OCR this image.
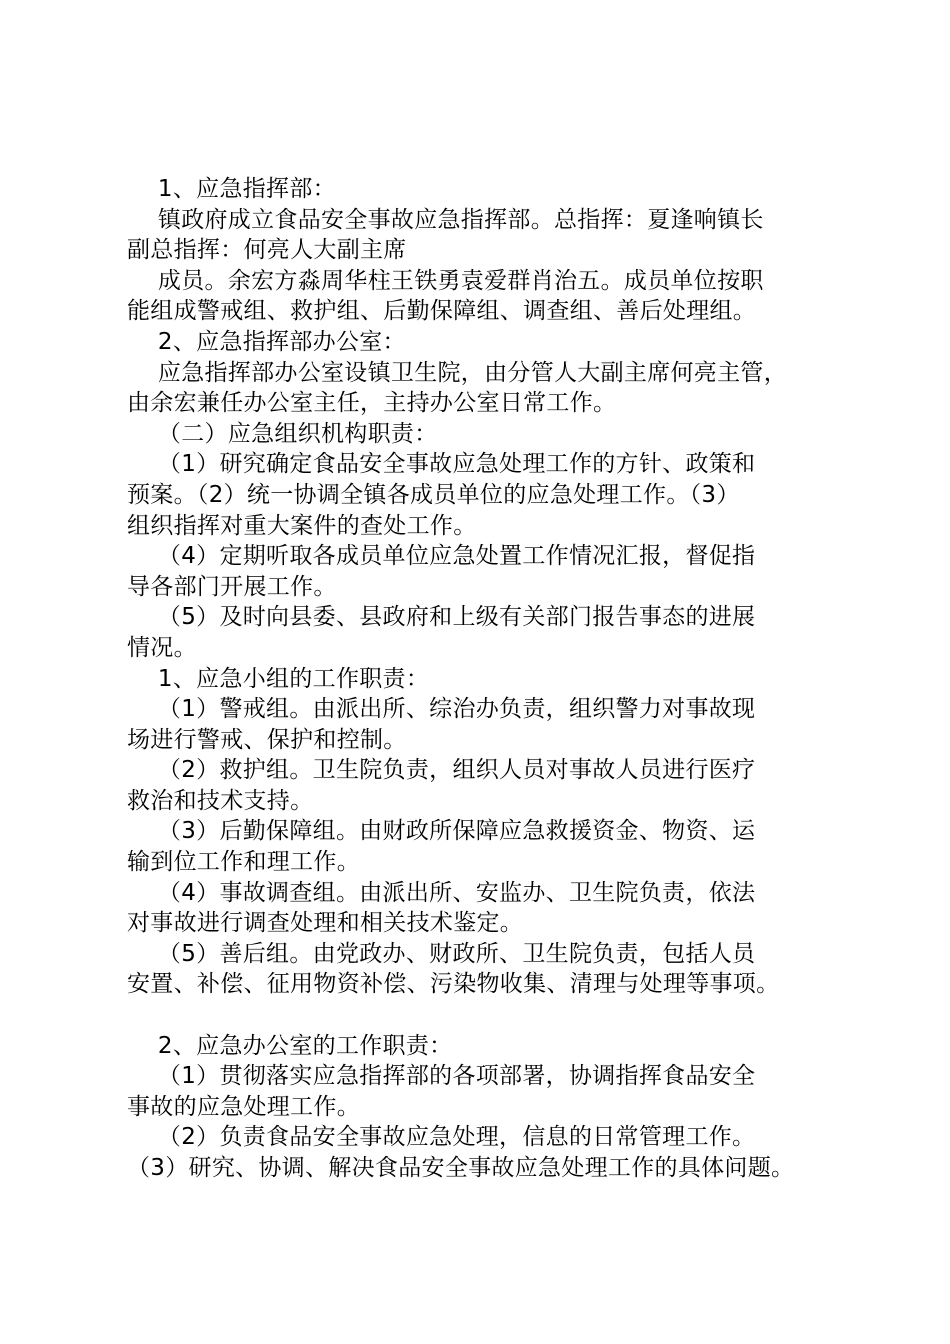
　 1、应急指挥部：
　 镇政府成立食品安全事故应急指挥部。总指挥：夏逢响镇长
副总指挥：何亮人大副主席
　 成员。余宏方淼周华柱王铁勇袁爱群肖治五。成员单位按职
能组成警戒组、救护组、后勤保障组、调查组、善后处理组。
　 2、应急指挥部办公室：
　 应急指挥部办公室设镇卫生院，由分管人大副主席何亮主管，
由余宏兼任办公室主任，主持办公室日常工作。
　 （二）应急组织机构职责：
　 （1）研究确定食品安全事故应急处理工作的方针、政策和
预案。（2）统一协调全镇各成员单位的应急处理工作。（3）
组织指挥对重大案件的查处工作。
　 （4）定期听取各成员单位应急处置工作情况汇报，督促指
导各部门开展工作。
　 （5）及时向县委、县政府和上级有关部门报告事态的进展
情况。
　 1、应急小组的工作职责：
　 （1）警戒组。由派出所、综治办负责，组织警力对事故现
场进行警戒、保护和控制。
　 （2）救护组。卫生院负责，组织人员对事故人员进行医疗
救治和技术支持。
　 （3）后勤保障组。由财政所保障应急救援资金、物资、运
输到位工作和理工作。
　 （4）事故调查组。由派出所、安监办、卫生院负责，依法
对事故进行调查处理和相关技术鉴定。
　 （5）善后组。由党政办、财政所、卫生院负责，包括人员
安置、补偿、征用物资补偿、污染物收集、清理与处理等事项。
　 2、应急办公室的工作职责：
　 （1）贯彻落实应急指挥部的各项部署，协调指挥食品安全
事故的应急处理工作。
　 （2）负责食品安全事故应急处理，信息的日常管理工作。
（3）研究、协调、解决食品安全事故应急处理工作的具体问题。
